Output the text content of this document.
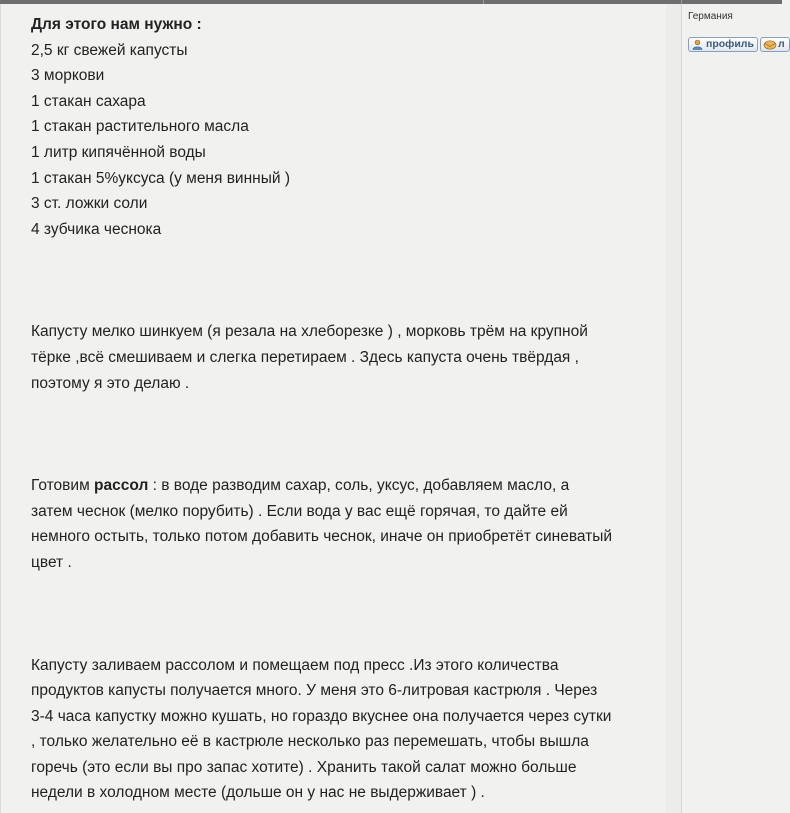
Для этого нам нужно :

2,5 кг свежей капусты
3 моркови
1 стакан сахара
1 стакан растительного масла
1 литр кипячённой воды
1 стакан 5%уксуса (у меня винный )
3 ст. ложки соли
4 зубчика чеснока

Капусту мелко шинкуем (я резала на хлеборезке ) , морковь трём на крупной
тёрке ,всё смешиваем и слегка перетираем . Здесь капуста очень твёрдая ,
поэтому я это делаю .

Готовим рассол : в воде разводим сахар, соль, уксус, добавляем масло, а
затем чеснок (мелко порубить) . Если вода у вас ещё горячая, то дайте ей
немного остыть, только потом добавить чеснок, иначе он приобретёт синеватый
цвет .

Капусту заливаем рассолом и помещаем под пресс .Из этого количества
продуктов капусты получается много. У меня это 6-литровая кастрюля . Через
3-4 часа капустку можно кушать, но гораздо вкуснее она получается через сутки
, только желательно её в кастрюле несколько раз перемешать, чтобы вышла
горечь (это если вы про запас хотите) . Хранить такой салат можно больше
недели в холодном месте (дольше он у нас не выдерживает ) .

Германия
профиль	л
